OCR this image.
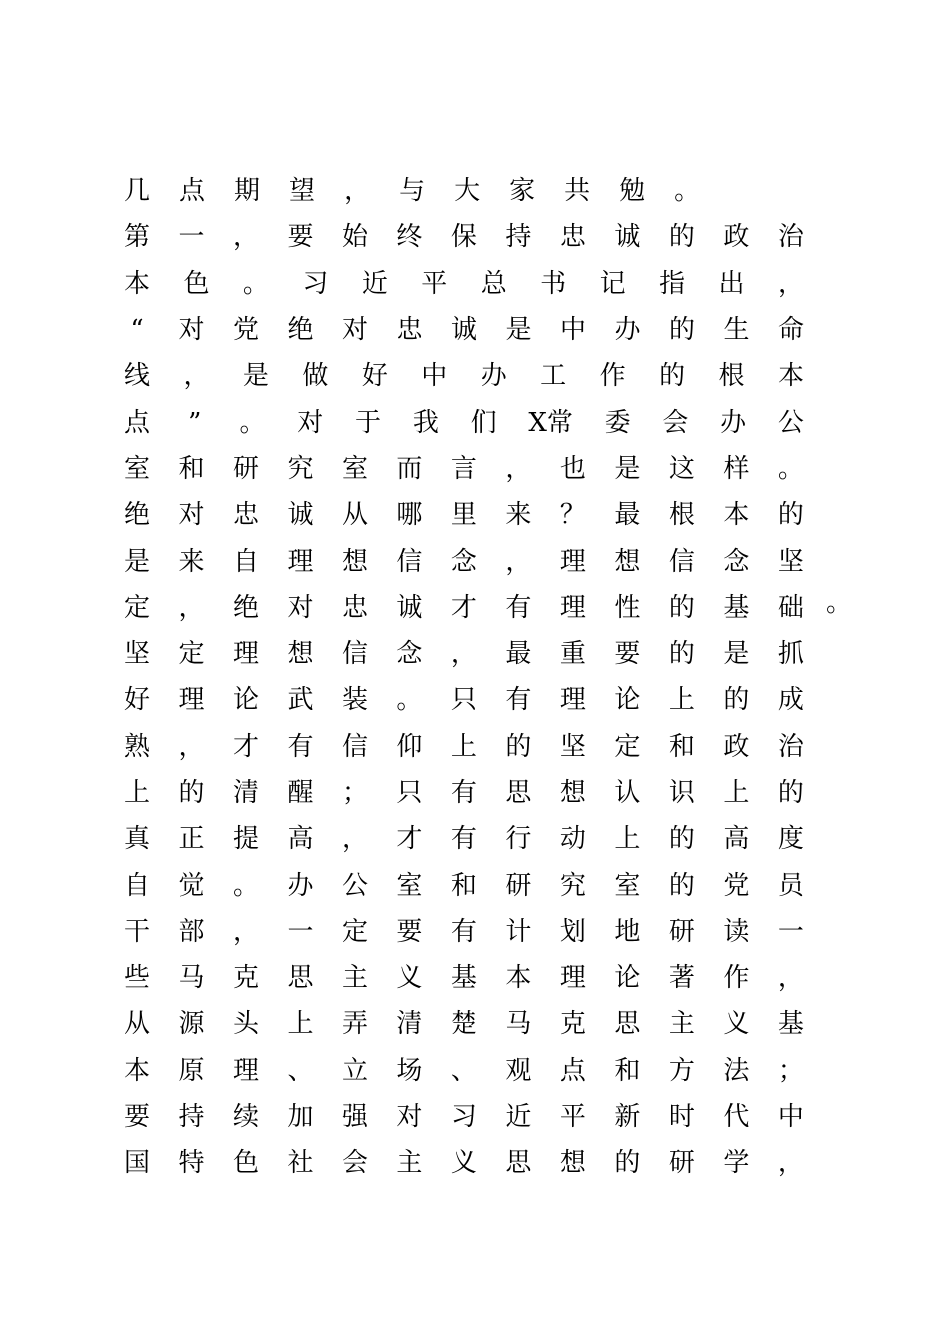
几 点 期 望 ， 与 大 家 共 勉 。
第 一 ， 要 始 终 保 持 忠 诚 的 政 治
本 色 。 习 近 平 总 书 记 指 出 ，
“ 对 党 绝 对 忠 诚 是 中 办 的 生 命
线 ， 是 做 好 中 办 工 作 的 根 本
点 ” 。 对 于 我 们 X常 委 会 办 公
室 和 研 究 室 而 言 ， 也 是 这 样 。
绝 对 忠 诚 从 哪 里 来 ？ 最 根 本 的
是 来 自 理 想 信 念 ， 理 想 信 念 坚
定 ， 绝 对 忠 诚 才 有 理 性 的 基 础
坚 定 理 想 信 念 ， 最 重 要 的 是 抓
好 理 论 武 装 。 只 有 理 论 上 的 成
熟 ， 才 有 信 仰 上 的 坚 定 和 政 治
上 的 清 醒 ； 只 有 思 想 认 识 上 的
真 正 提 高 ， 才 有 行 动 上 的 高 度
自 觉 。 办 公 室 和 研 究 室 的 党 员
干 部 ， 一 定 要 有 计 划 地 研 读 一
些 马 克 思 主 义 基 本 理 论 著 作 ，
从 源 头 上 弄 清 楚 马 克 思 主 义 基
本 原 理 、 立 场 、 观 点 和 方 法 ；
要 持 续 加 强 对 习 近 平 新 时 代 中
国 特 色 社 会 主 义 思 想 的 研 学 ，
。
